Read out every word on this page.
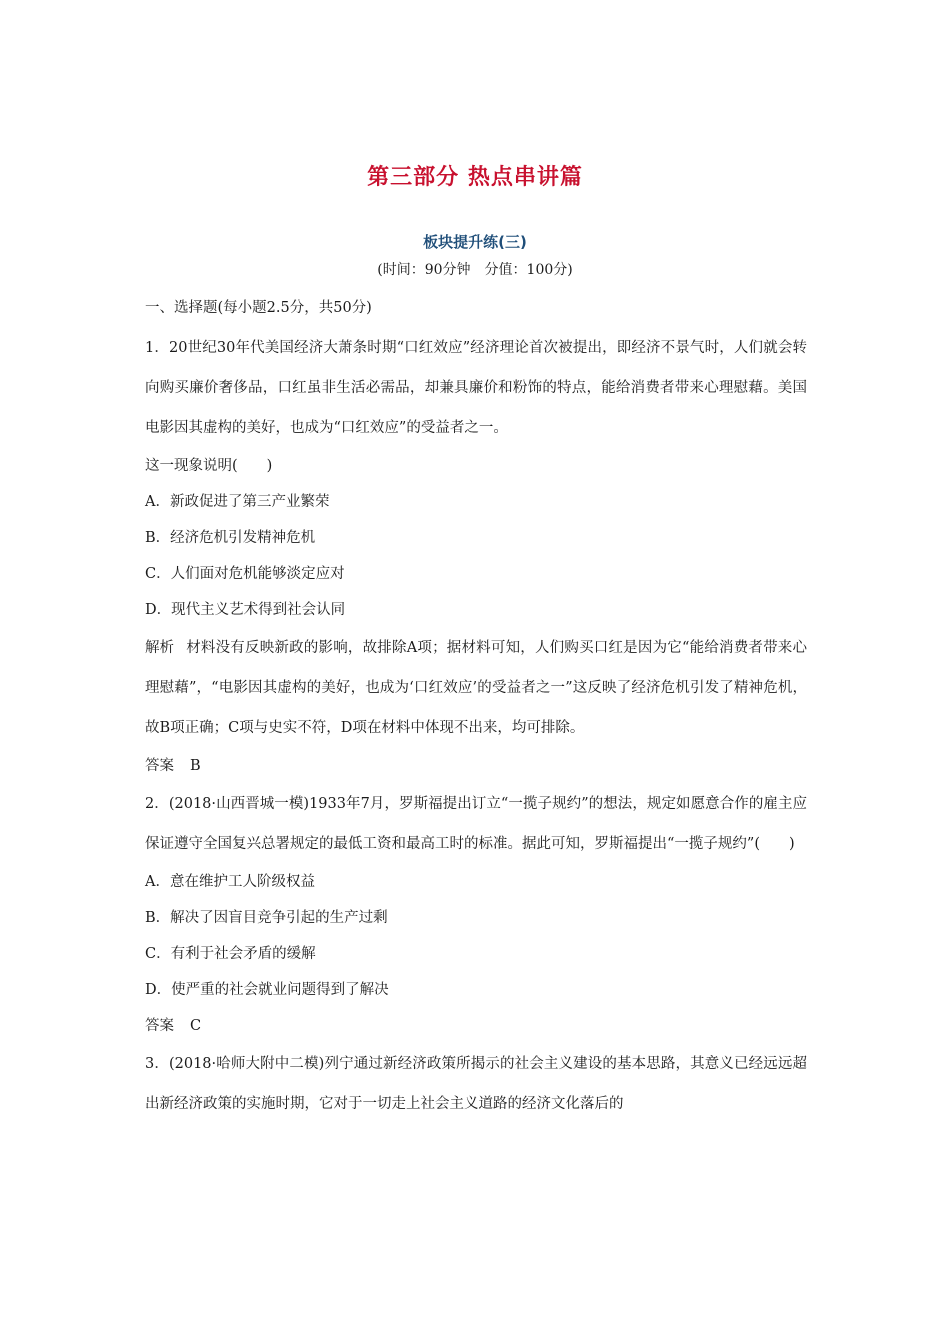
第三部分 热点串讲篇
板块提升练(三)
(时间：90分钟　分值：100分)
一、选择题(每小题2.5分，共50分)
1．20世纪30年代美国经济大萧条时期“口红效应”经济理论首次被提出，即经济不景气时，人们就会转向购买廉价奢侈品，口红虽非生活必需品，却兼具廉价和粉饰的特点，能给消费者带来心理慰藉。美国电影因其虚构的美好，也成为“口红效应”的受益者之一。
这一现象说明(　　)
A．新政促进了第三产业繁荣
B．经济危机引发精神危机
C．人们面对危机能够淡定应对
D．现代主义艺术得到社会认同
解析 材料没有反映新政的影响，故排除A项；据材料可知，人们购买口红是因为它“能给消费者带来心理慰藉”，“电影因其虚构的美好，也成为‘口红效应’的受益者之一”这反映了经济危机引发了精神危机，故B项正确；C项与史实不符，D项在材料中体现不出来，均可排除。
答案 B
2．(2018·山西晋城一模)1933年7月，罗斯福提出订立“一揽子规约”的想法，规定如愿意合作的雇主应保证遵守全国复兴总署规定的最低工资和最高工时的标准。据此可知，罗斯福提出“一揽子规约”(　　)
A．意在维护工人阶级权益
B．解决了因盲目竞争引起的生产过剩
C．有利于社会矛盾的缓解
D．使严重的社会就业问题得到了解决
答案 C
3．(2018·哈师大附中二模)列宁通过新经济政策所揭示的社会主义建设的基本思路，其意义已经远远超出新经济政策的实施时期，它对于一切走上社会主义道路的经济文化落后的
